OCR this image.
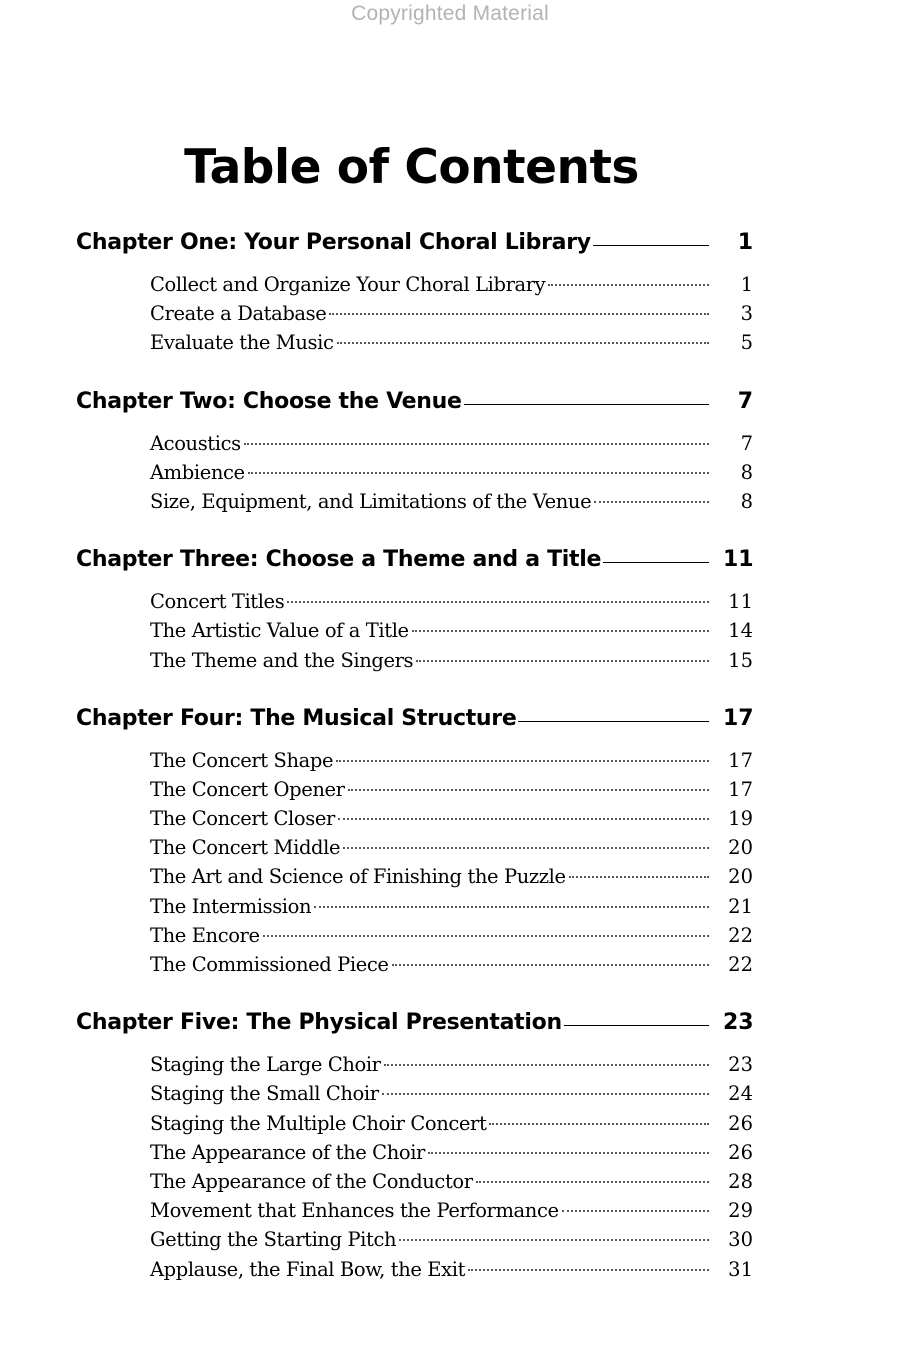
Copyrighted Material
Table of Contents
Chapter One: Your Personal Choral Library	1
Collect and Organize Your Choral Library	1
Create a Database	3
Evaluate the Music	5
Chapter Two: Choose the Venue	7
Acoustics	7
Ambience	8
Size, Equipment, and Limitations of the Venue	8
Chapter Three: Choose a Theme and a Title	11
Concert Titles	11
The Artistic Value of a Title	14
The Theme and the Singers	15
Chapter Four: The Musical Structure	17
The Concert Shape	17
The Concert Opener	17
The Concert Closer	19
The Concert Middle	20
The Art and Science of Finishing the Puzzle	20
The Intermission	21
The Encore	22
The Commissioned Piece	22
Chapter Five: The Physical Presentation	23
Staging the Large Choir	23
Staging the Small Choir	24
Staging the Multiple Choir Concert	26
The Appearance of the Choir	26
The Appearance of the Conductor	28
Movement that Enhances the Performance	29
Getting the Starting Pitch	30
Applause, the Final Bow, the Exit	31
